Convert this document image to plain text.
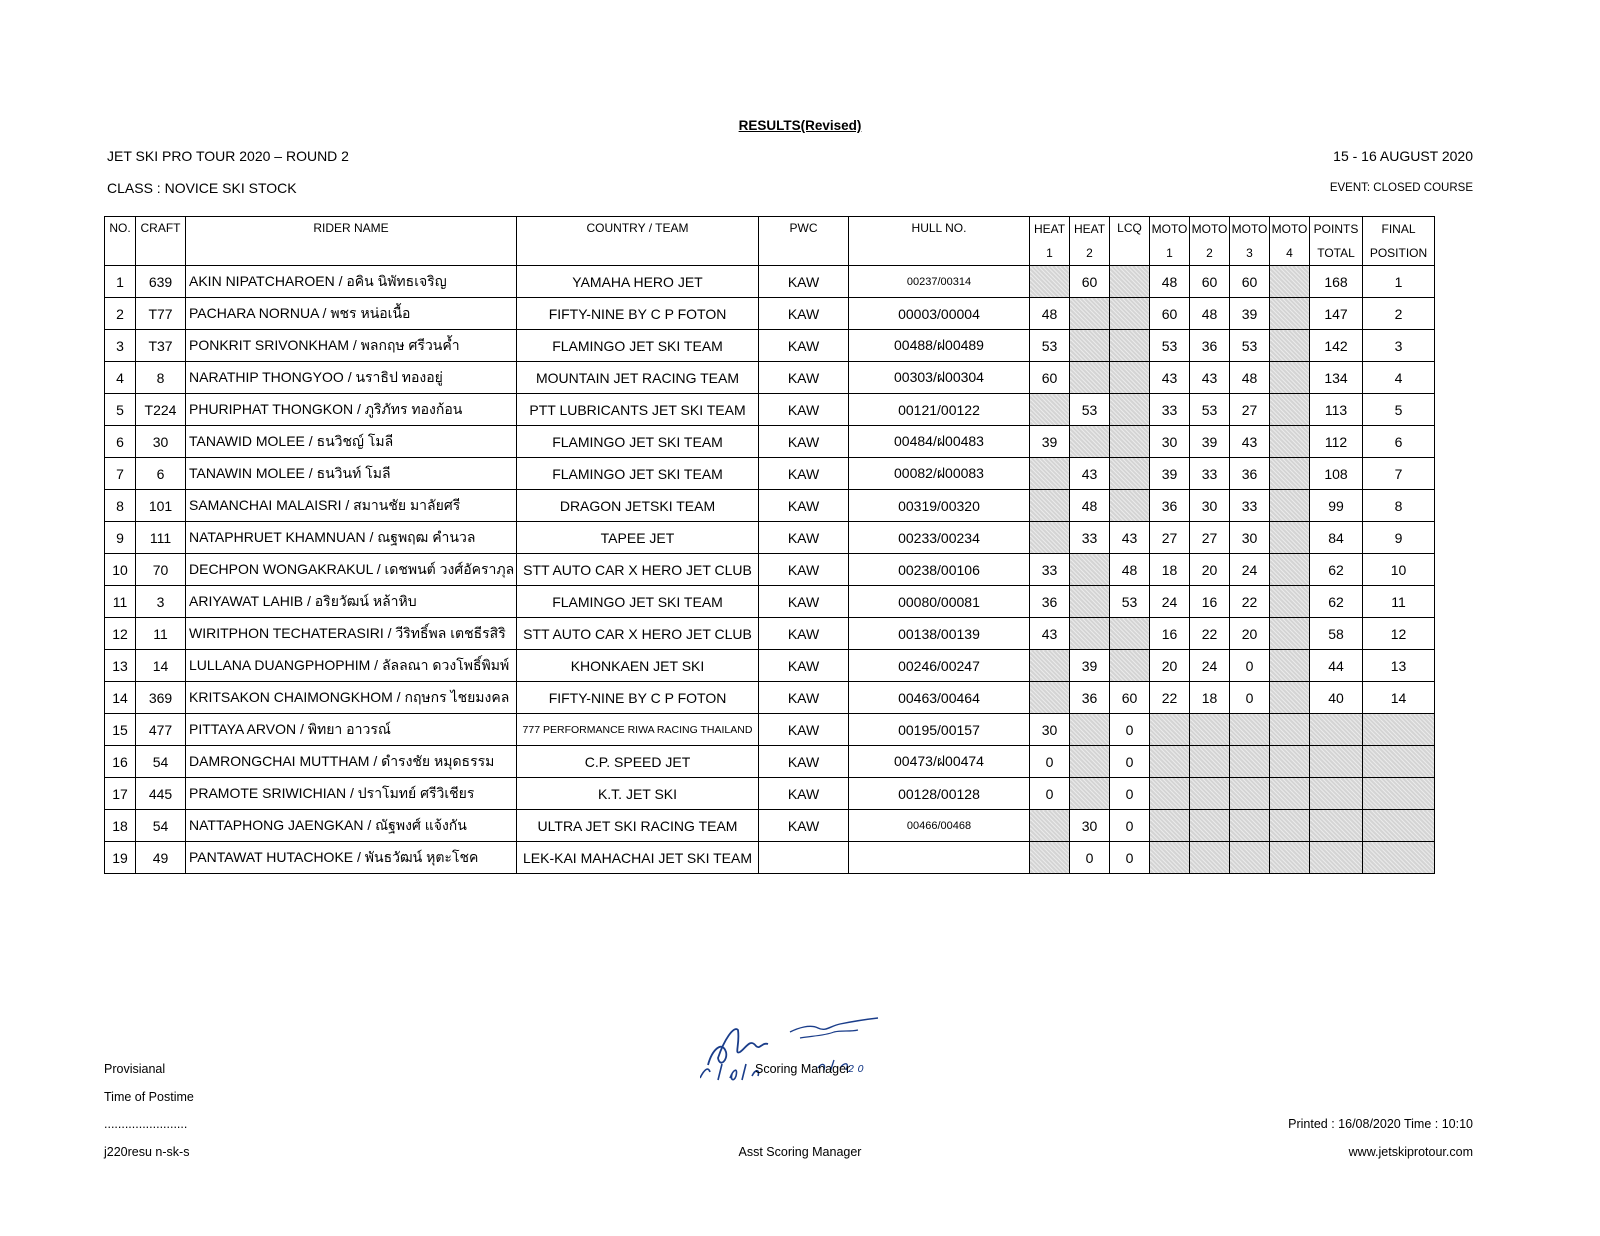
RESULTS(Revised)
JET SKI PRO TOUR 2020 – ROUND 2	15 - 16 AUGUST 2020
CLASS : NOVICE SKI STOCK	EVENT: CLOSED COURSE
NO.	CRAFT	RIDER NAME	COUNTRY / TEAM	PWC	HULL NO.	HEAT	HEAT	LCQ	MOTO	MOTO	MOTO	MOTO	POINTS	FINAL
						1	2		1	2	3	4	TOTAL	POSITION
1	639	AKIN NIPATCHAROEN / อคิน นิพัทธเจริญ	YAMAHA HERO JET	KAW	00237/00314		60		48	60	60		168	1
2	T77	PACHARA NORNUA / พชร หน่อเนื้อ	FIFTY-NINE BY C P FOTON	KAW	00003/00004	48			60	48	39		147	2
3	T37	PONKRIT SRIVONKHAM / พลกฤษ ศรีวนค้ำ	FLAMINGO JET SKI TEAM	KAW	00488/ฝ00489	53			53	36	53		142	3
4	8	NARATHIP THONGYOO / นราธิป ทองอยู่	MOUNTAIN JET RACING TEAM	KAW	00303/ฝ00304	60			43	43	48		134	4
5	T224	PHURIPHAT THONGKON / ภูริภัทร ทองก้อน	PTT LUBRICANTS JET SKI TEAM	KAW	00121/00122		53		33	53	27		113	5
6	30	TANAWID MOLEE / ธนวิชญ์ โมลี	FLAMINGO JET SKI TEAM	KAW	00484/ฝ00483	39			30	39	43		112	6
7	6	TANAWIN MOLEE / ธนวินท์ โมลี	FLAMINGO JET SKI TEAM	KAW	00082/ฝ00083		43		39	33	36		108	7
8	101	SAMANCHAI MALAISRI / สมานชัย มาลัยศรี	DRAGON JETSKI TEAM	KAW	00319/00320		48		36	30	33		99	8
9	111	NATAPHRUET KHAMNUAN / ณฐพฤฒ คำนวล	TAPEE JET	KAW	00233/00234		33	43	27	27	30		84	9
10	70	DECHPON WONGAKRAKUL / เดชพนต์ วงศ์อัคราภุล	STT AUTO CAR X HERO JET CLUB	KAW	00238/00106	33		48	18	20	24		62	10
11	3	ARIYAWAT LAHIB / อริยวัฒน์ หล้าหิบ	FLAMINGO JET SKI TEAM	KAW	00080/00081	36		53	24	16	22		62	11
12	11	WIRITPHON TECHATERASIRI / วีริทธิ์พล เตชธีรสิริ	STT AUTO CAR X HERO JET CLUB	KAW	00138/00139	43			16	22	20		58	12
13	14	LULLANA DUANGPHOPHIM / ลัลลณา ดวงโพธิ์พิมพ์	KHONKAEN JET SKI	KAW	00246/00247		39		20	24	0		44	13
14	369	KRITSAKON CHAIMONGKHOM / กฤษกร ไชยมงคล	FIFTY-NINE BY C P FOTON	KAW	00463/00464		36	60	22	18	0		40	14
15	477	PITTAYA ARVON / พิทยา อาวรณ์	777 PERFORMANCE RIWA RACING THAILAND	KAW	00195/00157	30		0						
16	54	DAMRONGCHAI MUTTHAM / ดำรงชัย หมุดธรรม	C.P. SPEED JET	KAW	00473/ฝ00474	0		0						
17	445	PRAMOTE SRIWICHIAN / ปราโมทย์ ศรีวิเชียร	K.T. JET SKI	KAW	00128/00128	0		0						
18	54	NATTAPHONG JAENGKAN / ณัฐพงศ์ แจ้งกัน	ULTRA JET SKI RACING TEAM	KAW	00466/00468		30	0						
19	49	PANTAWAT HUTACHOKE / พันธวัฒน์ หุตะโชค	LEK-KAI MAHACHAI JET SKI TEAM				0	0						
2 0
Provisianal
Time of Postime
........................
j220resu n-sk-s
Scoring Manager
Asst Scoring Manager
Printed : 16/08/2020 Time : 10:10
www.jetskiprotour.com
